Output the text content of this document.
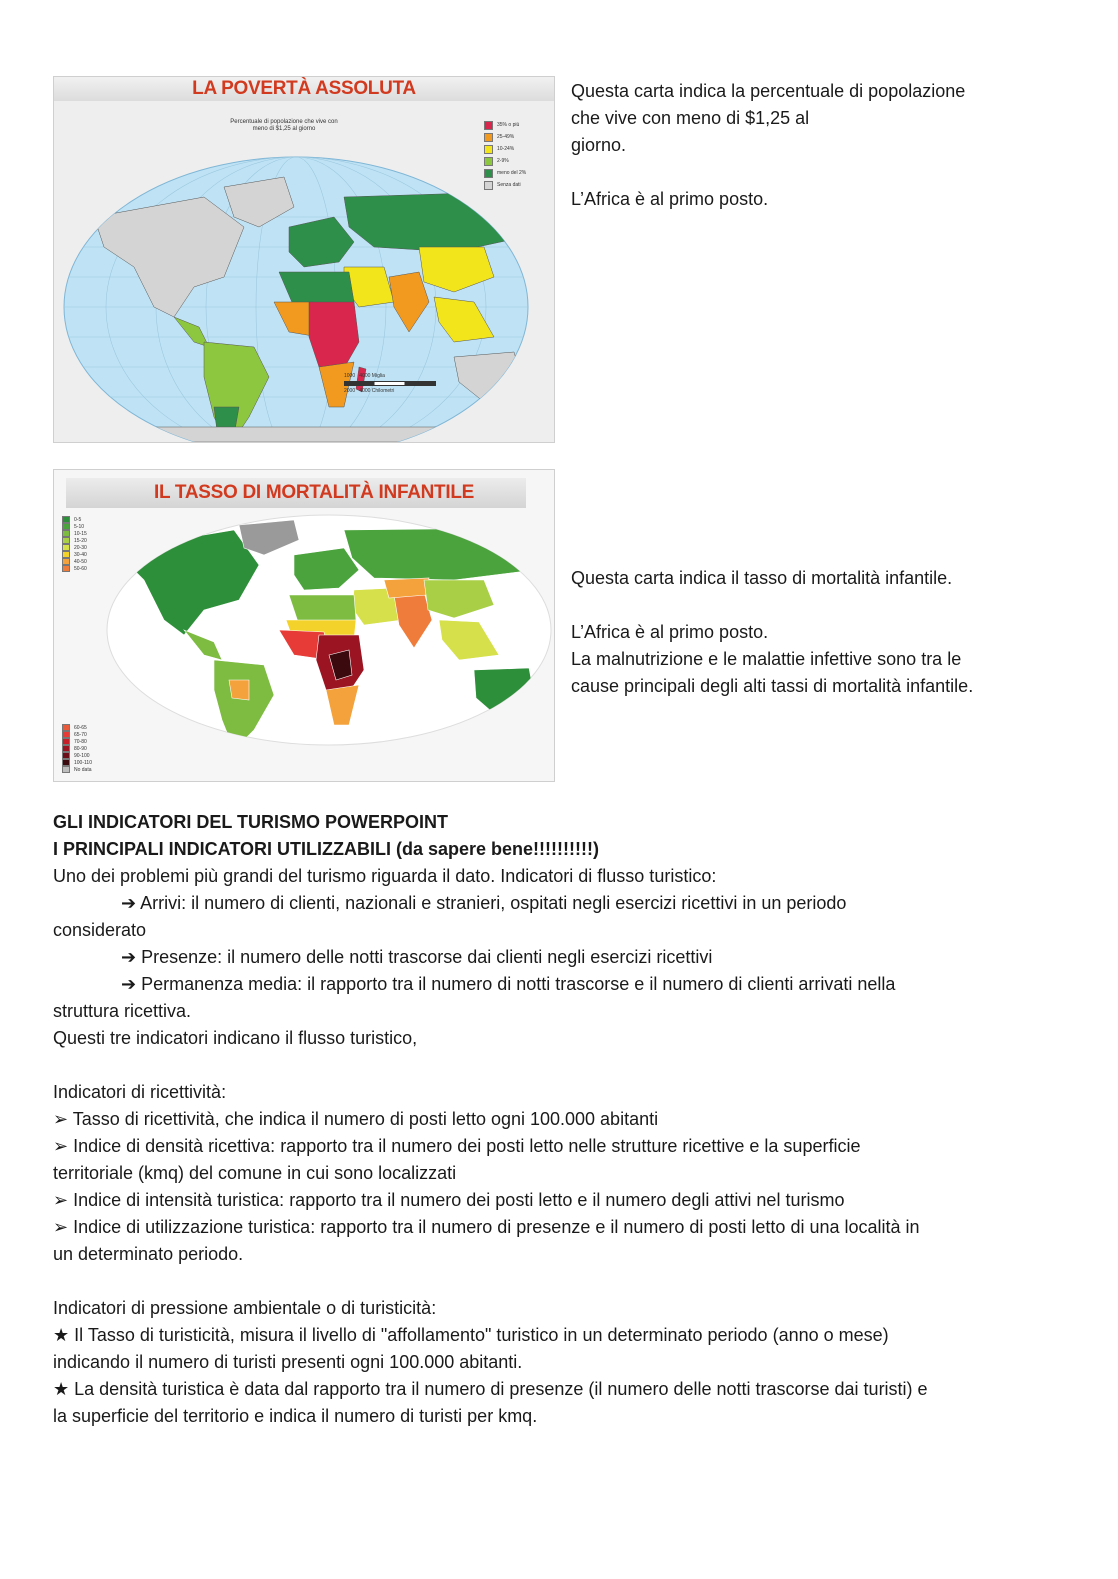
LA POVERTÀ ASSOLUTA
Percentuale di popolazione che vive con meno di $1,25 al giorno
35% o più
25-49%
10-24%
2-9%
meno del 2%
Senza dati
1000 4000 Miglia
2000 4000 Chilometri

Questa carta indica la percentuale di popolazione

che vive con meno di $1,25 al

giorno.

L’Africa è al primo posto.

IL TASSO DI MORTALITÀ INFANTILE
0-5
5-10
10-15
15-20
20-30
30-40
40-50
50-60
60-65
65-70
70-80
80-90
90-100
100-110
No data

Questa carta indica il tasso di mortalità infantile.

L’Africa è al primo posto.

La malnutrizione e le malattie infettive sono tra le

cause principali degli alti tassi di mortalità infantile.

GLI INDICATORI DEL TURISMO POWERPOINT

I PRINCIPALI INDICATORI UTILIZZABILI (da sapere bene!!!!!!!!!!)

Uno dei problemi più grandi del turismo riguarda il dato. Indicatori di flusso turistico:

➔ Arrivi: il numero di clienti, nazionali e stranieri, ospitati negli esercizi ricettivi in un periodo

considerato

➔ Presenze: il numero delle notti trascorse dai clienti negli esercizi ricettivi

➔ Permanenza media: il rapporto tra il numero di notti trascorse e il numero di clienti arrivati nella

struttura ricettiva.

Questi tre indicatori indicano il flusso turistico,

Indicatori di ricettività:

➢ Tasso di ricettività, che indica il numero di posti letto ogni 100.000 abitanti

➢ Indice di densità ricettiva: rapporto tra il numero dei posti letto nelle strutture ricettive e la superficie

territoriale (kmq) del comune in cui sono localizzati

➢ Indice di intensità turistica: rapporto tra il numero dei posti letto e il numero degli attivi nel turismo

➢ Indice di utilizzazione turistica: rapporto tra il numero di presenze e il numero di posti letto di una località in

un determinato periodo.

Indicatori di pressione ambientale o di turisticità:

★ Il Tasso di turisticità, misura il livello di "affollamento" turistico in un determinato periodo (anno o mese)

indicando il numero di turisti presenti ogni 100.000 abitanti.

★ La densità turistica è data dal rapporto tra il numero di presenze (il numero delle notti trascorse dai turisti) e

la superficie del territorio e indica il numero di turisti per kmq.
